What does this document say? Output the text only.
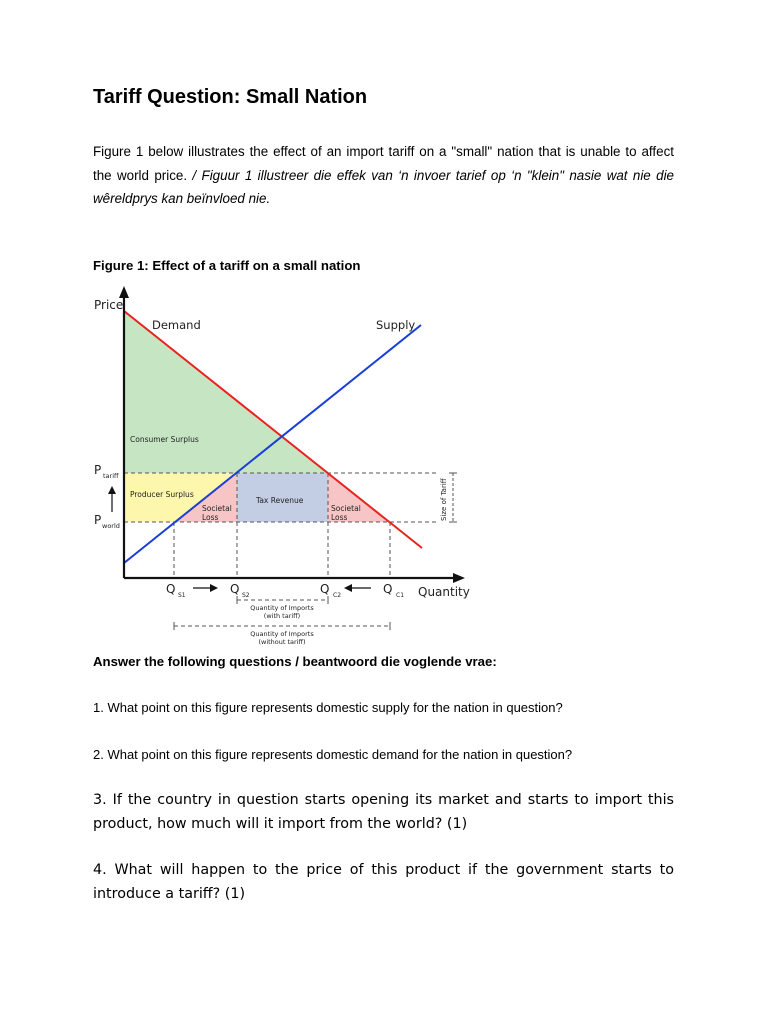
Tariff Question: Small Nation
Figure 1 below illustrates the effect of an import tariff on a "small" nation that is unable to affect the world price. / Figuur 1 illustreer die effek van ‘n invoer tarief op ‘n "klein" nasie wat nie die wêreldprys kan beïnvloed nie.
Figure 1: Effect of a tariff on a small nation
Price
Demand	Supply
Consumer Surplus
Producer Surplus
Tax Revenue
Societal
Loss
Societal
Loss
P tariff
P world
Size of Tariff
Q S1	Q S2	Q C2	Q C1 Quantity
Quantity of Imports
(with tariff)
Quantity of Imports
(without tariff)
Answer the following questions / beantwoord die voglende vrae:
1. What point on this figure represents domestic supply for the nation in question?
2. What point on this figure represents domestic demand for the nation in question?
3. If the country in question starts opening its market and starts to import this product, how much will it import from the world? (1)
4. What will happen to the price of this product if the government starts to introduce a tariff? (1)
